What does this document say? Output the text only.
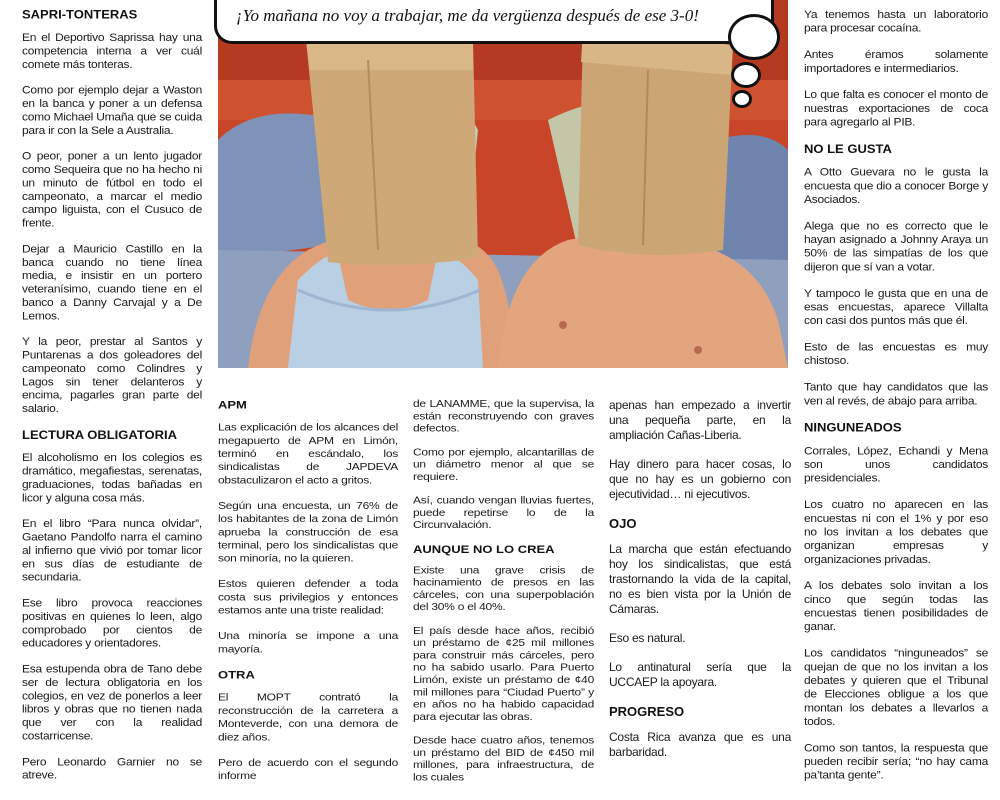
¡Yo mañana no voy a trabajar, me da vergüenza después de ese 3-0!
SAPRI-TONTERAS

En el Deportivo Saprissa hay una competencia interna a ver cuál comete más tonteras.

Como por ejemplo dejar a Waston en la banca y poner a un defensa como Michael Umaña que se cuida para ir con la Sele a Australia.

O peor, poner a un lento jugador como Sequeira que no ha hecho ni un minuto de fútbol en todo el campeonato, a marcar el medio campo liguista, con el Cusuco de frente.

Dejar a Mauricio Castillo en la banca cuando no tiene línea media, e insistir en un portero veteranísimo, cuando tiene en el banco a Danny Carvajal y a De Lemos.

Y la peor, prestar al Santos y Puntarenas a dos goleadores del campeonato como Colindres y Lagos sin tener delanteros y encima, pagarles gran parte del salario.

LECTURA OBLIGATORIA

El alcoholismo en los colegios es dramático, megafiestas, serenatas, graduaciones, todas bañadas en licor y alguna cosa más.

En el libro “Para nunca olvidar”, Gaetano Pandolfo narra el camino al infierno que vivió por tomar licor en sus días de estudiante de secundaria.

Ese libro provoca reacciones positivas en quienes lo leen, algo comprobado por cientos de educadores y orientadores.

Esa estupenda obra de Tano debe ser de lectura obligatoria en los colegios, en vez de ponerlos a leer libros y obras que no tienen nada que ver con la realidad costarricense.

Pero Leonardo Garnier no se atreve.

APM

Las explicación de los alcances del megapuerto de APM en Limón, terminó en escándalo, los sindicalistas de JAPDEVA obstaculizaron el acto a gritos.

Según una encuesta, un 76% de los habitantes de la zona de Limón aprueba la construcción de esa terminal, pero los sindicalistas que son minoría, no la quieren.

Estos quieren defender a toda costa sus privilegios y entonces estamos ante una triste realidad:

Una minoría se impone a una mayoría.

OTRA

El MOPT contrató la reconstrucción de la carretera a Monteverde, con una demora de diez años.

Pero de acuerdo con el segundo informe

de LANAMME, que la supervisa, la están reconstruyendo con graves defectos.

Como por ejemplo, alcantarillas de un diámetro menor al que se requiere.

Así, cuando vengan lluvias fuertes, puede repetirse lo de la Circunvalación.

AUNQUE NO LO CREA

Existe una grave crisis de hacinamiento de presos en las cárceles, con una superpoblación del 30% o el 40%.

El país desde hace años, recibió un préstamo de ¢25 mil millones para construir más cárceles, pero no ha sabido usarlo. Para Puerto Limón, existe un préstamo de ¢40 mil millones para “Ciudad Puerto” y en años no ha habido capacidad para ejecutar las obras.

Desde hace cuatro años, tenemos un préstamo del BID de ¢450 mil millones, para infraestructura, de los cuales

apenas han empezado a invertir una pequeña parte, en la ampliación Cañas-Liberia.

Hay dinero para hacer cosas, lo que no hay es un gobierno con ejecutividad… ni ejecutivos.

OJO

La marcha que están efectuando hoy los sindicalistas, que está trastornando la vida de la capital, no es bien vista por la Unión de Cámaras.

Eso es natural.

Lo antinatural sería que la UCCAEP la apoyara.

PROGRESO

Costa Rica avanza que es una barbaridad.

Ya tenemos hasta un laboratorio para procesar cocaína.

Antes éramos solamente importadores e intermediarios.

Lo que falta es conocer el monto de nuestras exportaciones de coca para agregarlo al PIB.

NO LE GUSTA

A Otto Guevara no le gusta la encuesta que dio a conocer Borge y Asociados.

Alega que no es correcto que le hayan asignado a Johnny Araya un 50% de las simpatías de los que dijeron que sí van a votar.

Y tampoco le gusta que en una de esas encuestas, aparece Villalta con casi dos puntos más que él.

Esto de las encuestas es muy chistoso.

Tanto que hay candidatos que las ven al revés, de abajo para arriba.

NINGUNEADOS

Corrales, López, Echandi y Mena son unos candidatos presidenciales.

Los cuatro no aparecen en las encuestas ni con el 1% y por eso no los invitan a los debates que organizan empresas y organizaciones privadas.

A los debates solo invitan a los cinco que según todas las encuestas tienen posibilidades de ganar.

Los candidatos “ninguneados” se quejan de que no los invitan a los debates y quieren que el Tribunal de Elecciones obligue a los que montan los debates a llevarlos a todos.

Como son tantos, la respuesta que pueden recibir sería; “no hay cama pa’tanta gente”.
